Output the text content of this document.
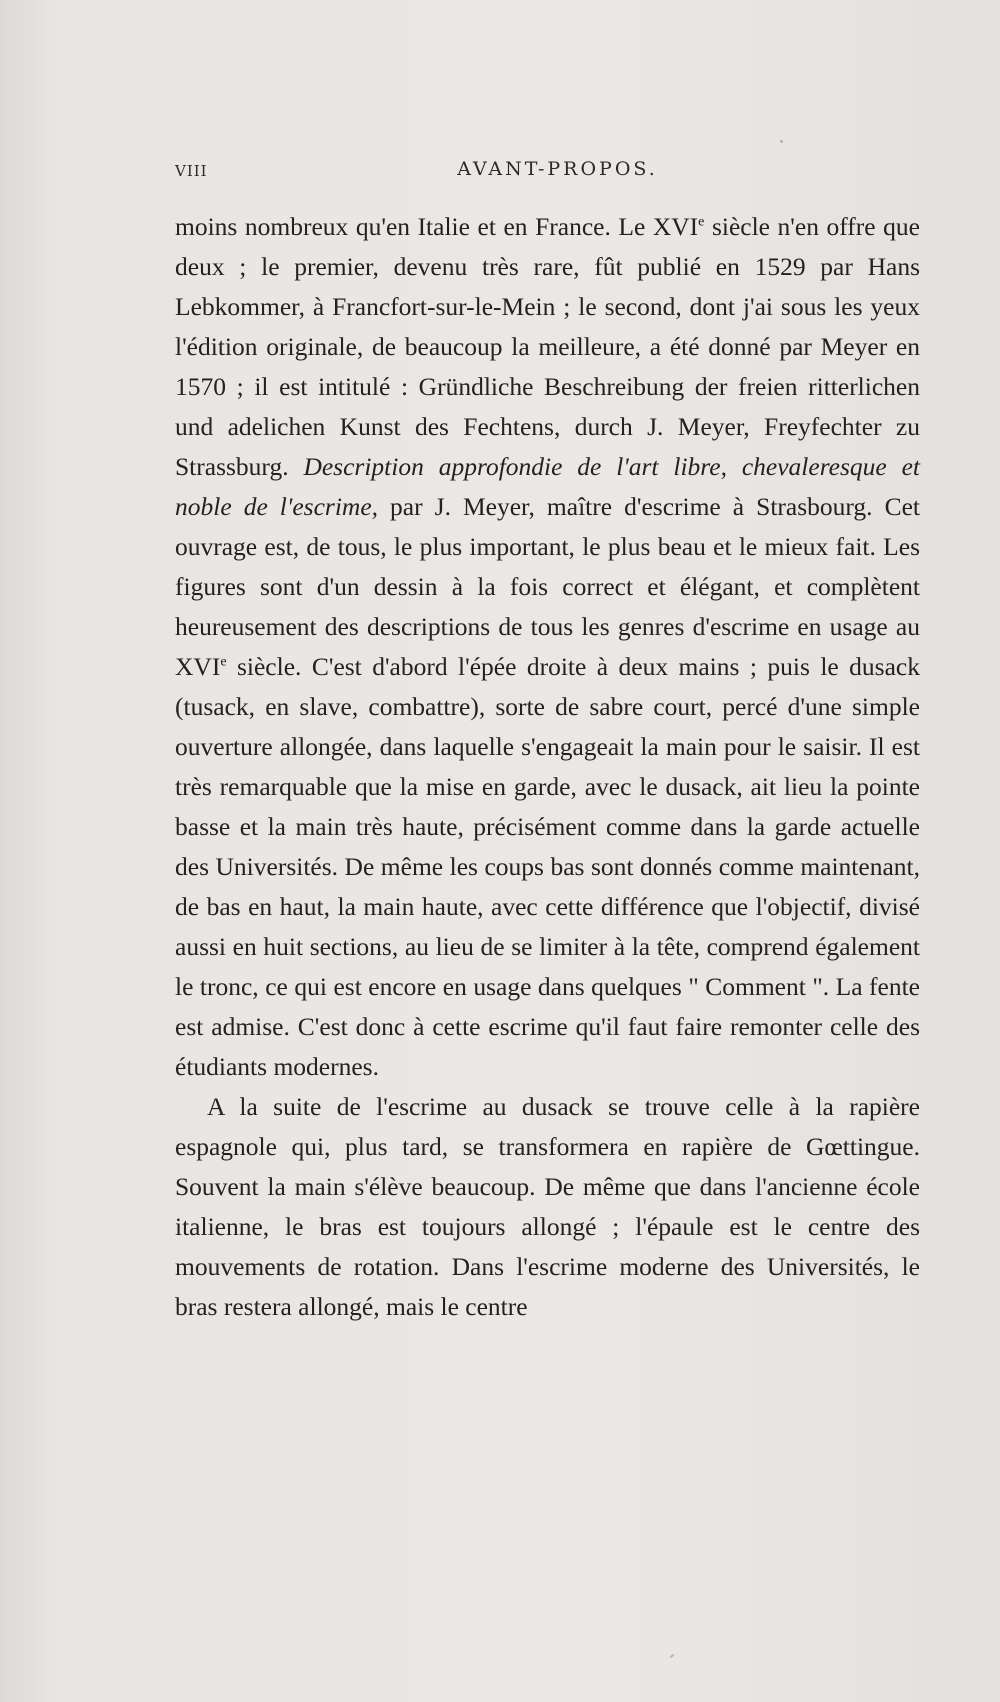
VIII	AVANT-PROPOS.

moins nombreux qu'en Italie et en France. Le XVIe siècle n'en offre que deux ; le premier, devenu très rare, fût publié en 1529 par Hans Lebkommer, à Francfort-sur-le-Mein ; le second, dont j'ai sous les yeux l'édition originale, de beaucoup la meilleure, a été donné par Meyer en 1570 ; il est intitulé : Gründliche Beschreibung der freien ritterlichen und adelichen Kunst des Fechtens, durch J. Meyer, Freyfechter zu Strassburg. Description approfondie de l'art libre, chevaleresque et noble de l'escrime, par J. Meyer, maître d'escrime à Strasbourg. Cet ouvrage est, de tous, le plus important, le plus beau et le mieux fait. Les figures sont d'un dessin à la fois correct et élégant, et complètent heureusement des descriptions de tous les genres d'escrime en usage au XVIe siècle. C'est d'abord l'épée droite à deux mains ; puis le dusack (tusack, en slave, combattre), sorte de sabre court, percé d'une simple ouverture allongée, dans laquelle s'engageait la main pour le saisir. Il est très remarquable que la mise en garde, avec le dusack, ait lieu la pointe basse et la main très haute, précisément comme dans la garde actuelle des Universités. De même les coups bas sont donnés comme maintenant, de bas en haut, la main haute, avec cette différence que l'objectif, divisé aussi en huit sections, au lieu de se limiter à la tête, comprend également le tronc, ce qui est encore en usage dans quelques " Comment ". La fente est admise. C'est donc à cette escrime qu'il faut faire remonter celle des étudiants modernes.

A la suite de l'escrime au dusack se trouve celle à la rapière espagnole qui, plus tard, se transformera en rapière de Gœttingue. Souvent la main s'élève beaucoup. De même que dans l'ancienne école italienne, le bras est toujours allongé ; l'épaule est le centre des mouvements de rotation. Dans l'escrime moderne des Universités, le bras restera allongé, mais le centre
